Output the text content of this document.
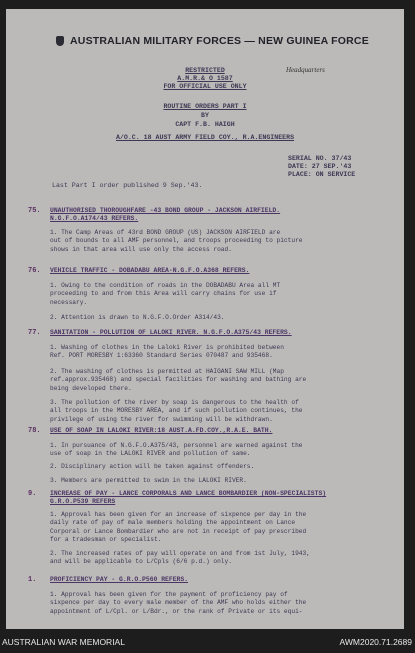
AUSTRALIAN MILITARY FORCES — NEW GUINEA FORCE
Headquarters
RESTRICTED
A.M.R.& O 1587
FOR OFFICIAL USE ONLY
ROUTINE ORDERS PART I
BY
CAPT F.B. HAIGH
A/O.C. 18 AUST ARMY FIELD COY., R.A.ENGINEERS
SERIAL NO. 37/43
DATE: 27 SEP.'43
PLACE: ON SERVICE
Last Part I order published 9 Sep.'43.
75. UNAUTHORISED THOROUGHFARE -43 BOND GROUP - JACKSON AIRFIELD.
N.G.F.O.A174/43 REFERS.
1. The Camp Areas of 43rd BOND GROUP (US) JACKSON AIRFIELD are
out of bounds to all AMF personnel, and troops proceeding to picture
shows in that area will use only the access road.
76. VEHICLE TRAFFIC - DOBADABU AREA-N.G.F.O.A368 REFERS.
1. Owing to the condition of roads in the DOBADABU Area all MT
proceeding to and from this Area will carry chains for use if
necessary.
2. Attention is drawn to N.G.F.O.Order A314/43.
77. SANITATION - POLLUTION OF LALOKI RIVER. N.G.F.O.A375/43 REFERS.
1. Washing of clothes in the Laloki River is prohibited between
Ref. PORT MORESBY 1:63360 Standard Series 070487 and 935468.
2. The washing of clothes is permitted at HAIGANI SAW MILL (Map
ref.approx.935468) and special facilities for washing and bathing are
being developed there.
3. The pollution of the river by soap is dangerous to the health of
all troops in the MORESBY AREA, and if such pollution continues, the
privilege of using the river for swimming will be withdrawn.
78. USE OF SOAP IN LALOKI RIVER:18 AUST.A.FD.COY.,R.A.E. BATH.
1. In pursuance of N.G.F.O.A375/43, personnel are warned against the
use of soap in the LALOKI RIVER and pollution of same.
2. Disciplinary action will be taken against offenders.
3. Members are permitted to swim in the LALOKI RIVER.
9. INCREASE OF PAY - LANCE CORPORALS AND LANCE BOMBARDIER (NON-SPECIALISTS)
G.R.O.P539 REFERS
1. Approval has been given for an increase of sixpence per day in the
daily rate of pay of male members holding the appointment on Lance
Corporal or Lance Bombardier who are not in receipt of pay prescribed
for a tradesman or specialist.
2. The increased rates of pay will operate on and from 1st July, 1943,
and will be applicable to L/Cpls (6/6 p.d.) only.
1. PROFICIENCY PAY - G.R.O.P560 REFERS.
1. Approval has been given for the payment of proficiency pay of
sixpence per day to every male member of the AMF who holds either the
appointment of L/Cpl. or L/Bdr., or the rank of Private or its equi-
AUSTRALIAN WAR MEMORIAL	AWM2020.71.2689
